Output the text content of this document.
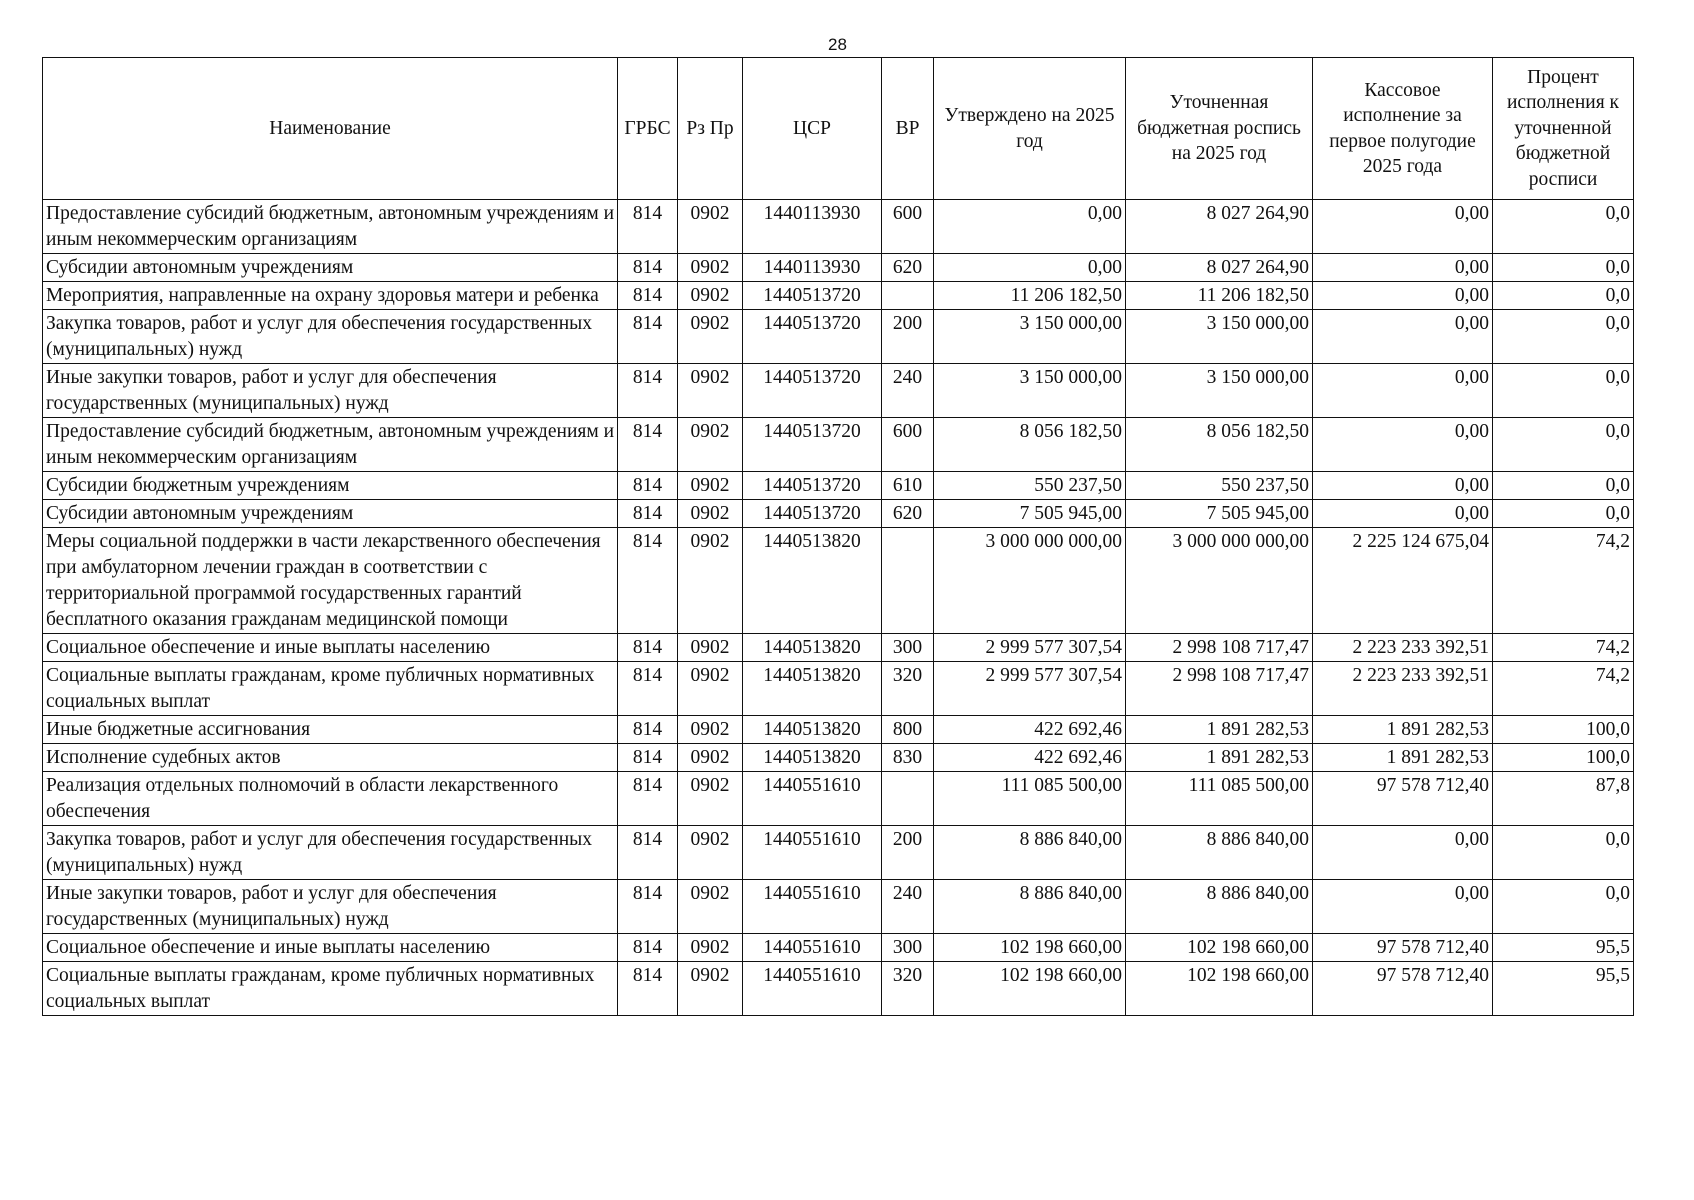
28
Наименование	ГРБС	Рз Пр	ЦСР	ВР	Утверждено на 2025 год	Уточненная бюджетная роспись на 2025 год	Кассовое исполнение за первое полугодие 2025 года	Процент исполнения к уточненной бюджетной росписи
Предоставление субсидий бюджетным, автономным учреждениям и иным некоммерческим организациям	814	0902	1440113930	600	0,00	8 027 264,90	0,00	0,0
Субсидии автономным учреждениям	814	0902	1440113930	620	0,00	8 027 264,90	0,00	0,0
Мероприятия, направленные на охрану здоровья матери и ребенка	814	0902	1440513720		11 206 182,50	11 206 182,50	0,00	0,0
Закупка товаров, работ и услуг для обеспечения государственных (муниципальных) нужд	814	0902	1440513720	200	3 150 000,00	3 150 000,00	0,00	0,0
Иные закупки товаров, работ и услуг для обеспечения государственных (муниципальных) нужд	814	0902	1440513720	240	3 150 000,00	3 150 000,00	0,00	0,0
Предоставление субсидий бюджетным, автономным учреждениям и иным некоммерческим организациям	814	0902	1440513720	600	8 056 182,50	8 056 182,50	0,00	0,0
Субсидии бюджетным учреждениям	814	0902	1440513720	610	550 237,50	550 237,50	0,00	0,0
Субсидии автономным учреждениям	814	0902	1440513720	620	7 505 945,00	7 505 945,00	0,00	0,0
Меры социальной поддержки в части лекарственного обеспечения при амбулаторном лечении граждан в соответствии с территориальной программой государственных гарантий бесплатного оказания гражданам медицинской помощи	814	0902	1440513820		3 000 000 000,00	3 000 000 000,00	2 225 124 675,04	74,2
Социальное обеспечение и иные выплаты населению	814	0902	1440513820	300	2 999 577 307,54	2 998 108 717,47	2 223 233 392,51	74,2
Социальные выплаты гражданам, кроме публичных нормативных социальных выплат	814	0902	1440513820	320	2 999 577 307,54	2 998 108 717,47	2 223 233 392,51	74,2
Иные бюджетные ассигнования	814	0902	1440513820	800	422 692,46	1 891 282,53	1 891 282,53	100,0
Исполнение судебных актов	814	0902	1440513820	830	422 692,46	1 891 282,53	1 891 282,53	100,0
Реализация отдельных полномочий в области лекарственного обеспечения	814	0902	1440551610		111 085 500,00	111 085 500,00	97 578 712,40	87,8
Закупка товаров, работ и услуг для обеспечения государственных (муниципальных) нужд	814	0902	1440551610	200	8 886 840,00	8 886 840,00	0,00	0,0
Иные закупки товаров, работ и услуг для обеспечения государственных (муниципальных) нужд	814	0902	1440551610	240	8 886 840,00	8 886 840,00	0,00	0,0
Социальное обеспечение и иные выплаты населению	814	0902	1440551610	300	102 198 660,00	102 198 660,00	97 578 712,40	95,5
Социальные выплаты гражданам, кроме публичных нормативных социальных выплат	814	0902	1440551610	320	102 198 660,00	102 198 660,00	97 578 712,40	95,5
